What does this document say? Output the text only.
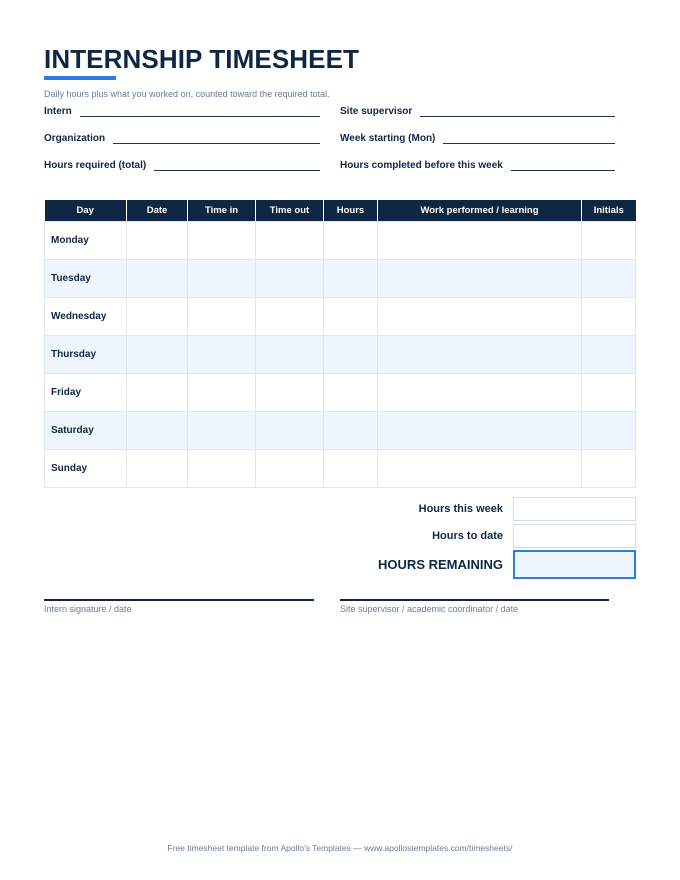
INTERNSHIP TIMESHEET
Daily hours plus what you worked on, counted toward the required total.
Intern	Site supervisor
Organization	Week starting (Mon)
Hours required (total)	Hours completed before this week
Day	Date	Time in	Time out	Hours	Work performed / learning	Initials
Monday						
Tuesday						
Wednesday						
Thursday						
Friday						
Saturday						
Sunday						
Hours this week
Hours to date
HOURS REMAINING
Intern signature / date	Site supervisor / academic coordinator / date
Free timesheet template from Apollo's Templates — www.apollostemplates.com/timesheets/
